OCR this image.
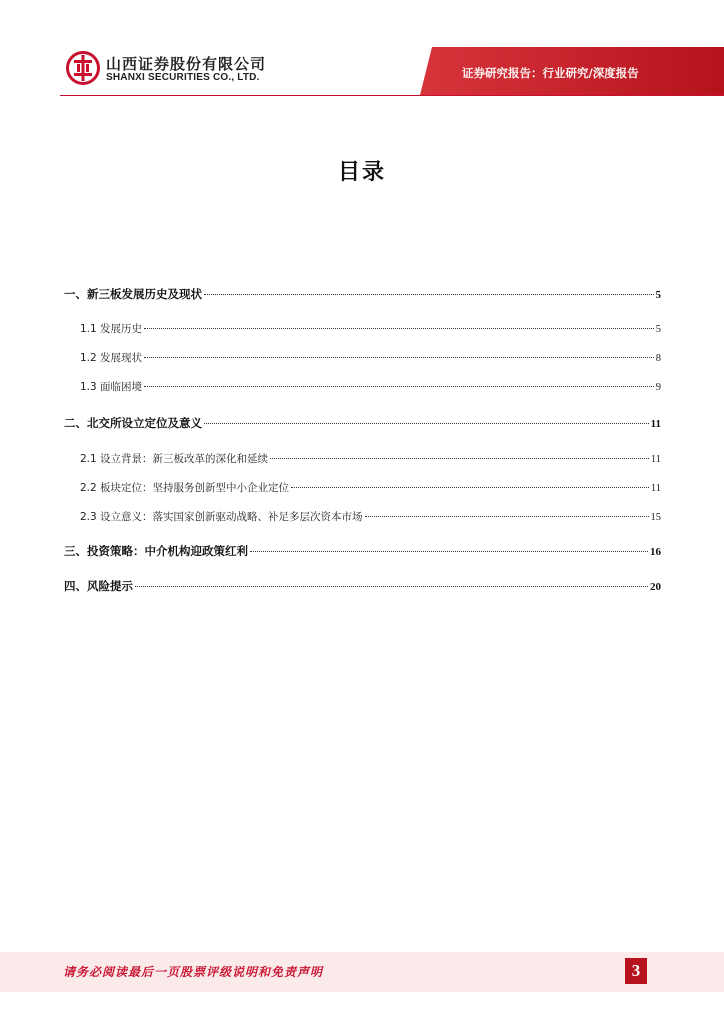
山西证券股份有限公司
SHANXI SECURITIES CO., LTD.	证券研究报告：行业研究/深度报告
目录
一、新三板发展历史及现状	5
1.1 发展历史	5
1.2 发展现状	8
1.3 面临困境	9
二、北交所设立定位及意义	11
2.1 设立背景：新三板改革的深化和延续	11
2.2 板块定位：坚持服务创新型中小企业定位	11
2.3 设立意义：落实国家创新驱动战略、补足多层次资本市场	15
三、投资策略：中介机构迎政策红利	16
四、风险提示	20
请务必阅读最后一页股票评级说明和免责声明	3
